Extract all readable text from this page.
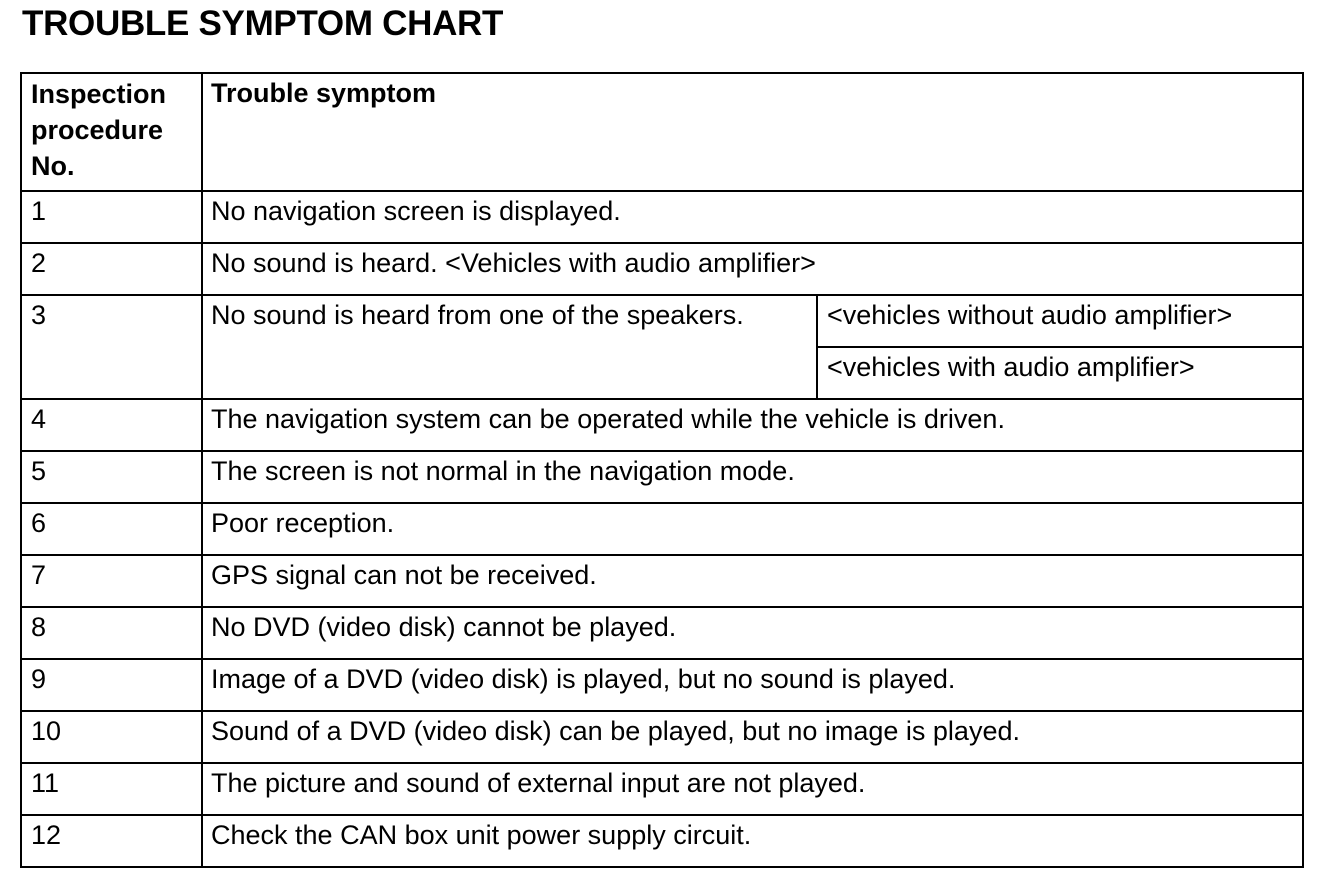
TROUBLE SYMPTOM CHART
Inspection procedure No.	Trouble symptom	
1	No navigation screen is displayed.	
2	No sound is heard. <Vehicles with audio amplifier>	
3	No sound is heard from one of the speakers.	<vehicles without audio amplifier>
		<vehicles with audio amplifier>
4	The navigation system can be operated while the vehicle is driven.	
5	The screen is not normal in the navigation mode.	
6	Poor reception.	
7	GPS signal can not be received.	
8	No DVD (video disk) cannot be played.	
9	Image of a DVD (video disk) is played, but no sound is played.	
10	Sound of a DVD (video disk) can be played, but no image is played.	
11	The picture and sound of external input are not played.	
12	Check the CAN box unit power supply circuit.	
